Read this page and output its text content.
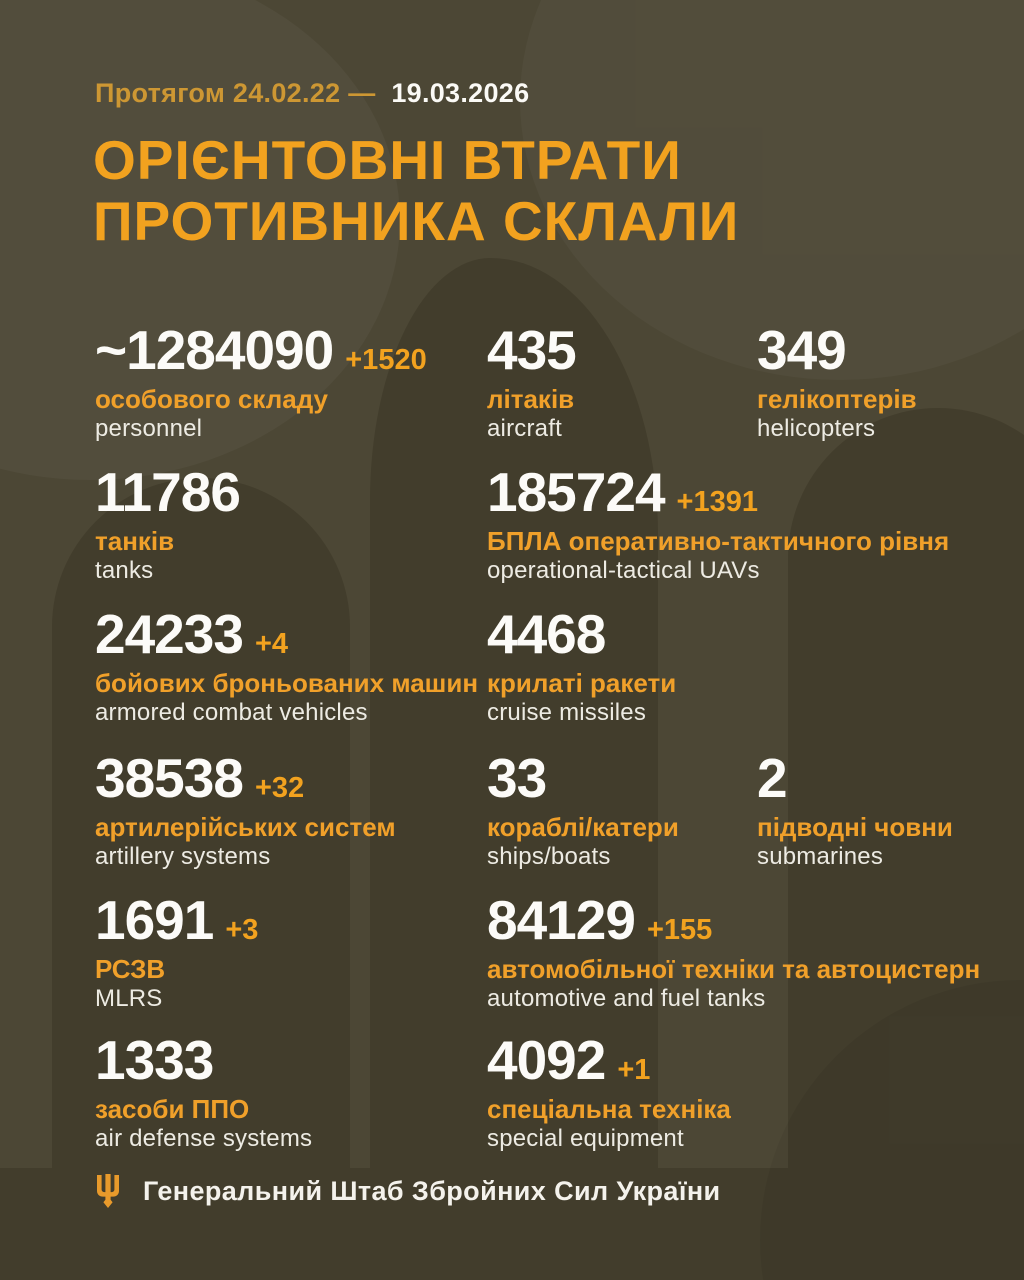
Протягом 24.02.22 — 19.03.2026
ОРІЄНТОВНІ ВТРАТИ
ПРОТИВНИКА СКЛАЛИ
~1284090 +1520
особового складу
personnel
435
літаків
aircraft
349
гелікоптерів
helicopters
11786
танків
tanks
185724 +1391
БПЛА оперативно-тактичного рівня
operational-tactical UAVs
24233 +4
бойових броньованих машин
armored combat vehicles
4468
крилаті ракети
cruise missiles
38538 +32
артилерійських систем
artillery systems
33
кораблі/катери
ships/boats
2
підводні човни
submarines
1691 +3
РСЗВ
MLRS
84129 +155
автомобільної техніки та автоцистерн
automotive and fuel tanks
1333
засоби ППО
air defense systems
4092 +1
спеціальна техніка
special equipment
Генеральний Штаб Збройних Сил України
